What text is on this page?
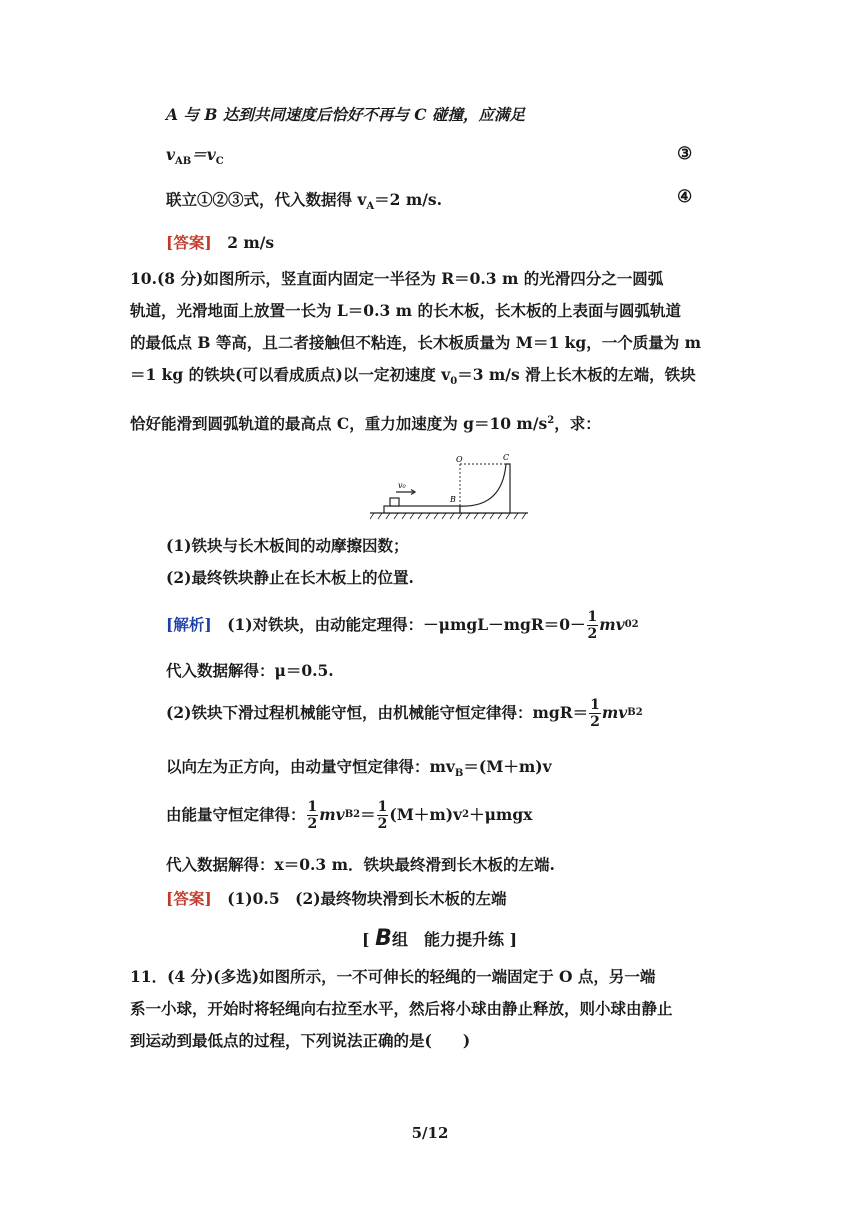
A 与 B 达到共同速度后恰好不再与 C 碰撞，应满足
$v_{AB}=v_C$	③
联立①②③式，代入数据得 $v_A=2$ m/s.	④
[答案]　 2 m/s
10.(8 分)如图所示，竖直面内固定一半径为 R＝0.3 m 的光滑四分之一圆弧
轨道，光滑地面上放置一长为 L＝0.3 m 的长木板，长木板的上表面与圆弧轨道
的最低点 B 等高，且二者接触但不粘连，长木板质量为 M＝1 kg，一个质量为 m
＝1 kg 的铁块(可以看成质点)以一定初速度 $v_0=3$ m/s 滑上长木板的左端，铁块
恰好能滑到圆弧轨道的最高点 C，重力加速度为 g＝10 $m/s^2$，求：
v₀
O	C
B
(1)铁块与长木板间的动摩擦因数；
(2)最终铁块静止在长木板上的位置.
[解析]
　 (1)对铁块，由动能定理得：$-\mu mgL-mgR=0- \frac{1}{2}$ mv 0 2
代入数据解得：μ＝0.5.
(2)铁块下滑过程机械能守恒，由机械能守恒定律得：$mgR= \frac{1}{2}$ mv B 2
以向左为正方向，由动量守恒定律得：$mv_B=(M+m)v$
由能量守恒定律得： $\frac{1}{2}$ mv B $2 = \frac{1}{2} (M+m)v$ 2 ＋μmgx
代入数据解得：x＝0.3 m．铁块最终滑到长木板的左端.
[答案]　 (1)0.5　(2)最终物块滑到长木板的左端
[ B组　能力提升练 ]
11．(4 分)(多选)如图所示，一不可伸长的轻绳的一端固定于 O 点，另一端
系一小球，开始时将轻绳向右拉至水平，然后将小球由静止释放，则小球由静止
到运动到最低点的过程，下列说法正确的是(　　)
5/12
